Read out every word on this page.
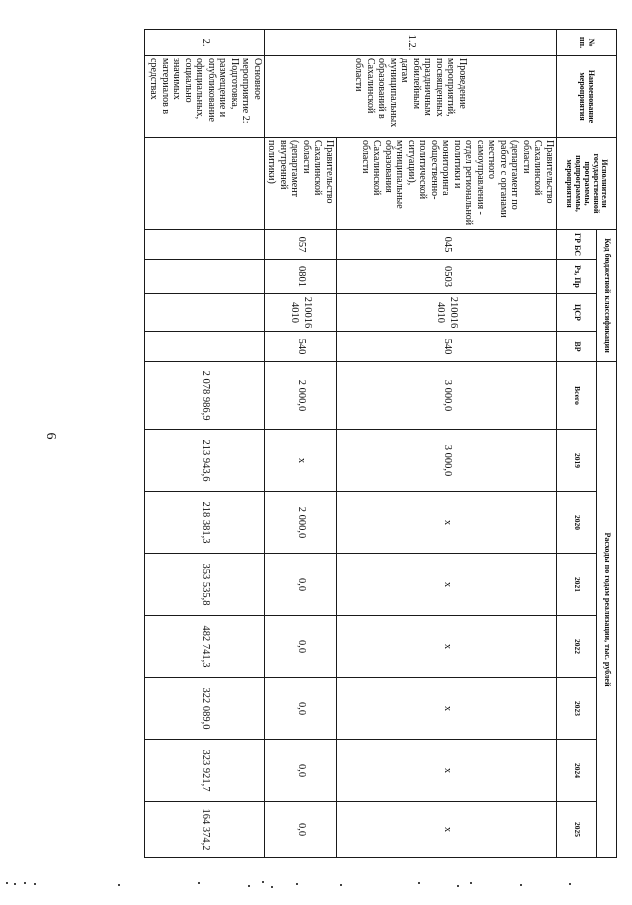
6
№ пп.	Наименование мероприятия	Исполнители государственной программы, подпрограммы, мероприятия	Код бюджетной классификации				Расходы по годам реализации, тыс. рублей							
			ГР БС	Рз, Пр	ЦСР	ВР	Всего	2019	2020	2021	2022	2023	2024	2025
1.2.	Проведение мероприятий, посвященных праздничным юбилейным датам муниципальных образований в Сахалинской области	Правительство Сахалинской области (департамент по работе с органами местного самоуправления - отдел региональной политики и мониторинга общественно-политической ситуации), муниципальные образования Сахалинской области	045	0503	210016 4010	540	3 000,0	3 000,0	x	x	x	x	x	x
		Правительство Сахалинской области (департамент внутренней политики)	057	0801	210016 4010	540	2 000,0	x	2 000,0	0,0	0,0	0,0	0,0	0,0
2.	Основное мероприятие 2: Подготовка, размещение и опубликование официальных, социально значимых материалов в средствах						2 078 986,9	213 943,6	218 381,3	353 535,8	482 741,3	322 089,0	323 921,7	164 374,2
